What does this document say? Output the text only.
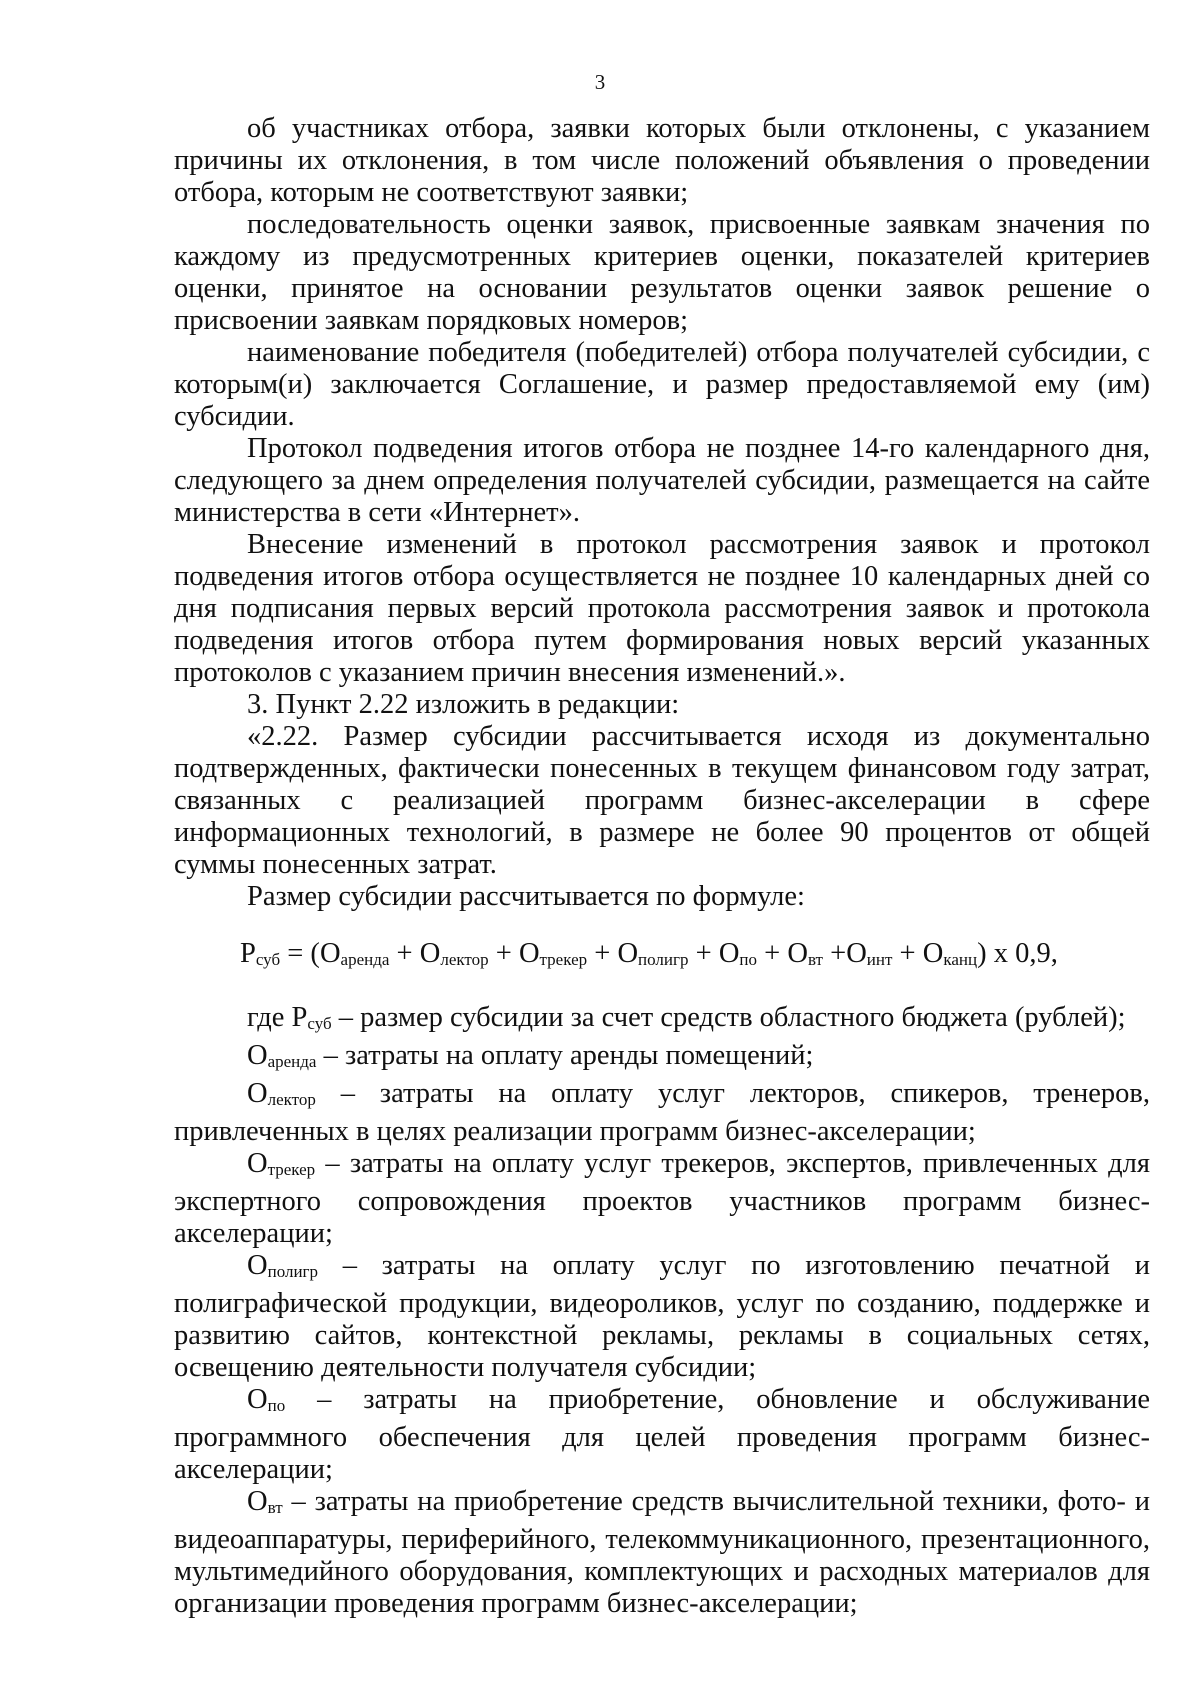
3

об участниках отбора, заявки которых были отклонены, с указанием причины их отклонения, в том числе положений объявления о проведении отбора, которым не соответствуют заявки;

последовательность оценки заявок, присвоенные заявкам значения по каждому из предусмотренных критериев оценки, показателей критериев оценки, принятое на основании результатов оценки заявок решение о присвоении заявкам порядковых номеров;

наименование победителя (победителей) отбора получателей субсидии, с которым(и) заключается Соглашение, и размер предоставляемой ему (им) субсидии.

Протокол подведения итогов отбора не позднее 14-го календарного дня, следующего за днем определения получателей субсидии, размещается на сайте министерства в сети «Интернет».

Внесение изменений в протокол рассмотрения заявок и протокол подведения итогов отбора осуществляется не позднее 10 календарных дней со дня подписания первых версий протокола рассмотрения заявок и протокола подведения итогов отбора путем формирования новых версий указанных протоколов с указанием причин внесения изменений.».

3. Пункт 2.22 изложить в редакции:

«2.22. Размер субсидии рассчитывается исходя из документально подтвержденных, фактически понесенных в текущем финансовом году затрат, связанных с реализацией программ бизнес-акселерации в сфере информационных технологий, в размере не более 90 процентов от общей суммы понесенных затрат.

Размер субсидии рассчитывается по формуле:

Рсуб = (Оаренда + Олектор + Отрекер + Ополигр + Опо + Овт +Оинт + Оканц) х 0,9,

где Рсуб – размер субсидии за счет средств областного бюджета (рублей);

Оаренда – затраты на оплату аренды помещений;

Олектор – затраты на оплату услуг лекторов, спикеров, тренеров, привлеченных в целях реализации программ бизнес-акселерации;

Отрекер – затраты на оплату услуг трекеров, экспертов, привлеченных для экспертного сопровождения проектов участников программ бизнес-акселерации;

Ополигр – затраты на оплату услуг по изготовлению печатной и полиграфической продукции, видеороликов, услуг по созданию, поддержке и развитию сайтов, контекстной рекламы, рекламы в социальных сетях, освещению деятельности получателя субсидии;

Опо – затраты на приобретение, обновление и обслуживание программного обеспечения для целей проведения программ бизнес-акселерации;

Овт – затраты на приобретение средств вычислительной техники, фото- и видеоаппаратуры, периферийного, телекоммуникационного, презентационного, мультимедийного оборудования, комплектующих и расходных материалов для организации проведения программ бизнес-акселерации;
